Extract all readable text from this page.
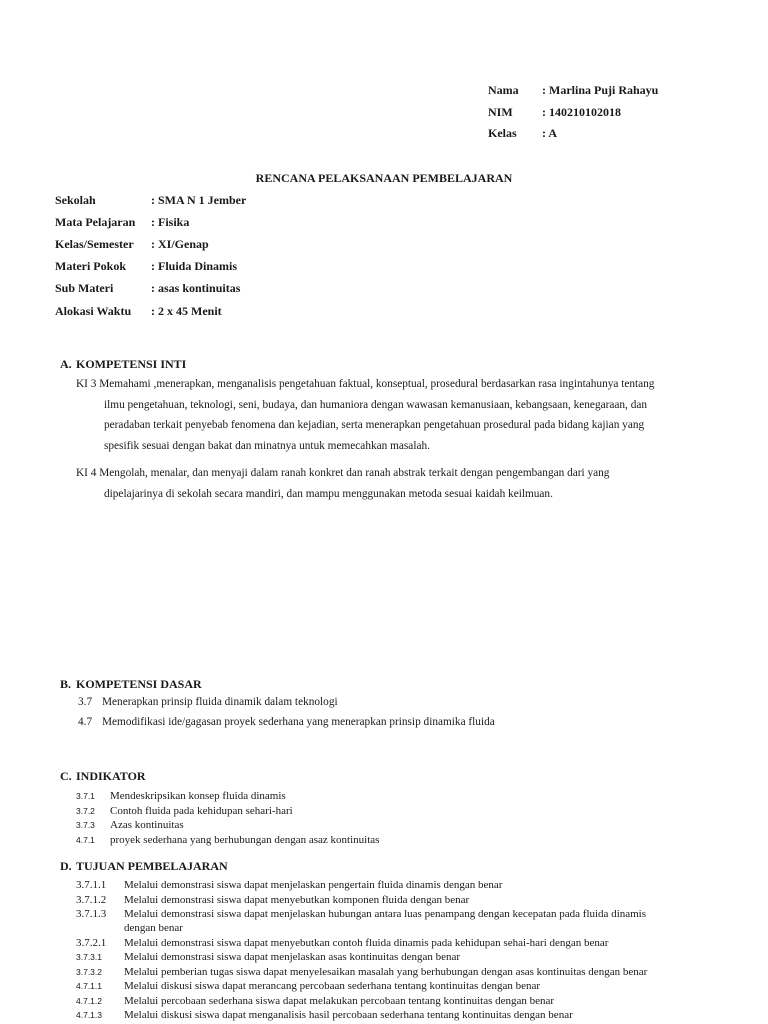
Nama : Marlina Puji Rahayu
NIM : 140210102018
Kelas : A
RENCANA PELAKSANAAN PEMBELAJARAN
Sekolah	: SMA N 1 Jember
Mata Pelajaran : Fisika
Kelas/Semester : XI/Genap
Materi Pokok : Fluida Dinamis
Sub Materi	: asas kontinuitas
Alokasi Waktu : 2 x 45 Menit
A. KOMPETENSI INTI
KI 3 Memahami ,menerapkan, menganalisis pengetahuan faktual, konseptual, prosedural berdasarkan rasa ingintahunya tentang
ilmu pengetahuan, teknologi, seni, budaya, dan humaniora dengan wawasan kemanusiaan, kebangsaan, kenegaraan, dan
peradaban terkait penyebab fenomena dan kejadian, serta menerapkan pengetahuan prosedural pada bidang kajian yang
spesifik sesuai dengan bakat dan minatnya untuk memecahkan masalah.
KI 4 Mengolah, menalar, dan menyaji dalam ranah konkret dan ranah abstrak terkait dengan pengembangan dari yang
dipelajarinya di sekolah secara mandiri, dan mampu menggunakan metoda sesuai kaidah keilmuan.
B. KOMPETENSI DASAR
3.7 Menerapkan prinsip fluida dinamik dalam teknologi
4.7 Memodifikasi ide/gagasan proyek sederhana yang menerapkan prinsip dinamika fluida
C. INDIKATOR
3.7.1 Mendeskripsikan konsep fluida dinamis
3.7.2 Contoh fluida pada kehidupan sehari-hari
3.7.3 Azas kontinuitas
4.7.1 proyek sederhana yang berhubungan dengan asaz kontinuitas
D. TUJUAN PEMBELAJARAN
3.7.1.1 Melalui demonstrasi siswa dapat menjelaskan pengertain fluida dinamis dengan benar
3.7.1.2 Melalui demonstrasi siswa dapat menyebutkan komponen fluida dengan benar
3.7.1.3 Melalui demonstrasi siswa dapat menjelaskan hubungan antara luas penampang dengan kecepatan pada fluida dinamis
dengan benar
3.7.2.1 Melalui demonstrasi siswa dapat menyebutkan contoh fluida dinamis pada kehidupan sehai-hari dengan benar
3.7.3.1 Melalui demonstrasi siswa dapat menjelaskan asas kontinuitas dengan benar
3.7.3.2 Melalui pemberian tugas siswa dapat menyelesaikan masalah yang berhubungan dengan asas kontinuitas dengan benar
4.7.1.1 Melalui diskusi siswa dapat merancang percobaan sederhana tentang kontinuitas dengan benar
4.7.1.2 Melalui percobaan sederhana siswa dapat melakukan percobaan tentang kontinuitas dengan benar
4.7.1.3 Melalui diskusi siswa dapat menganalisis hasil percobaan sederhana tentang kontinuitas dengan benar
